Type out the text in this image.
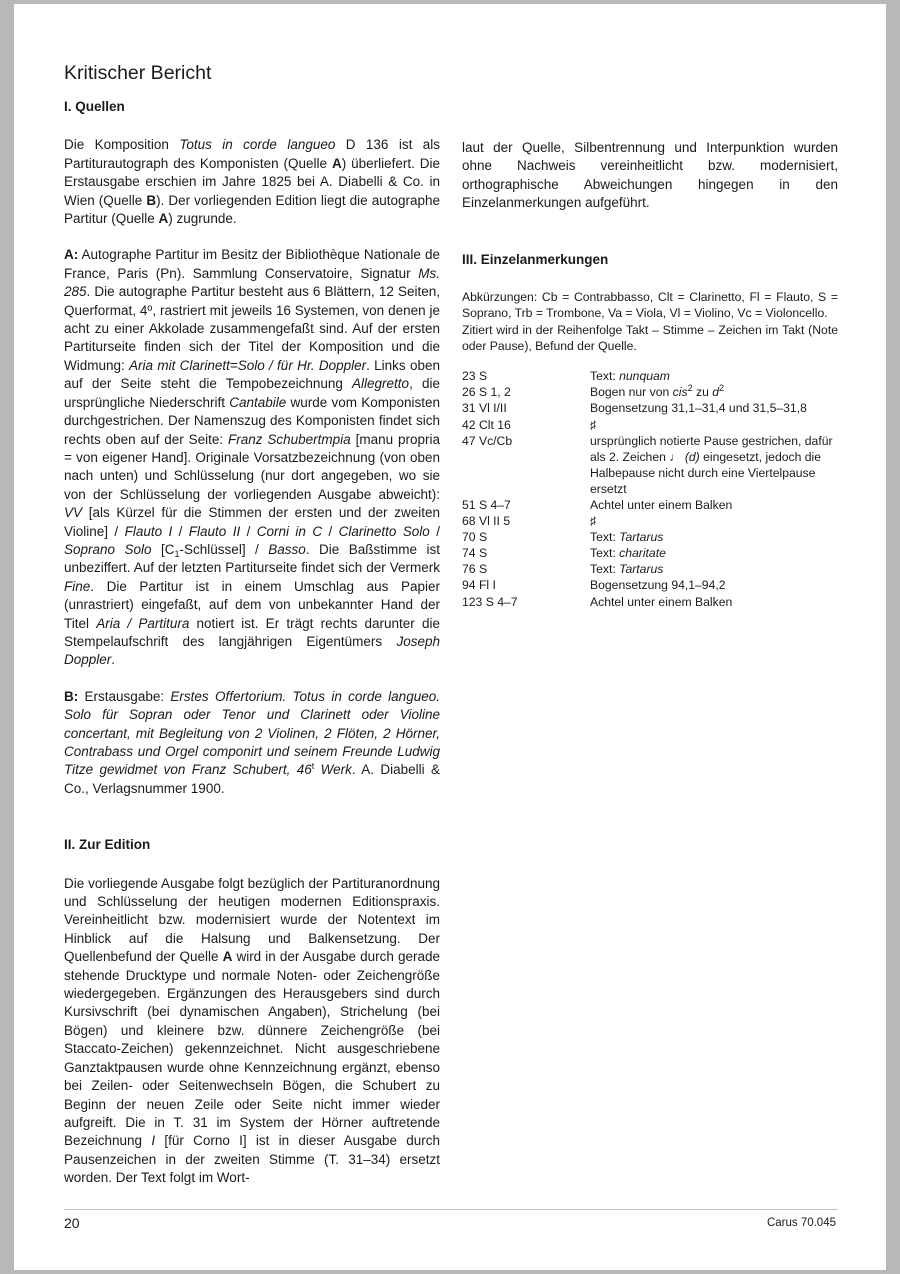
Kritischer Bericht
I. Quellen

Die Komposition Totus in corde langueo D 136 ist als Partiturautograph des Komponisten (Quelle A) überliefert. Die Erstausgabe erschien im Jahre 1825 bei A. Diabelli & Co. in Wien (Quelle B). Der vorliegenden Edition liegt die autographe Partitur (Quelle A) zugrunde.

A: Autographe Partitur im Besitz der Bibliothèque Nationale de France, Paris (Pn). Sammlung Conservatoire, Signatur Ms. 285. Die autographe Partitur besteht aus 6 Blättern, 12 Seiten, Querformat, 4º, rastriert mit jeweils 16 Systemen, von denen je acht zu einer Akkolade zusammengefaßt sind. Auf der ersten Partiturseite finden sich der Titel der Komposition und die Widmung: Aria mit Clarinett=Solo / für Hr. Doppler. Links oben auf der Seite steht die Tempobezeichnung Allegretto, die ursprüngliche Niederschrift Cantabile wurde vom Komponisten durchgestrichen. Der Namenszug des Komponisten findet sich rechts oben auf der Seite: Franz Schubertmpia [manu propria = von eigener Hand]. Originale Vorsatzbezeichnung (von oben nach unten) und Schlüsselung (nur dort angegeben, wo sie von der Schlüsselung der vorliegenden Ausgabe abweicht): VV [als Kürzel für die Stimmen der ersten und der zweiten Violine] / Flauto I / Flauto II / Corni in C / Clarinetto Solo / Soprano Solo $[C_1-Schlüssel]$ / Basso. Die Baßstimme ist unbeziffert. Auf der letzten Partiturseite findet sich der Vermerk Fine. Die Partitur ist in einem Umschlag aus Papier (unrastriert) eingefaßt, auf dem von unbekannter Hand der Titel Aria / Partitura notiert ist. Er trägt rechts darunter die Stempelaufschrift des langjährigen Eigentümers Joseph Doppler.

B: Erstausgabe: Erstes Offertorium. Totus in corde langueo. Solo für Sopran oder Tenor und Clarinett oder Violine concertant, mit Begleitung von 2 Violinen, 2 Flöten, 2 Hörner, Contrabass und Orgel componirt und seinem Freunde Ludwig Titze gewidmet von Franz Schubert, 46$^t$ Werk. A. Diabelli & Co., Verlagsnummer 1900.

II. Zur Edition

Die vorliegende Ausgabe folgt bezüglich der Partituranordnung und Schlüsselung der heutigen modernen Editionspraxis. Vereinheitlicht bzw. modernisiert wurde der Notentext im Hinblick auf die Halsung und Balkensetzung. Der Quellenbefund der Quelle A wird in der Ausgabe durch gerade stehende Drucktype und normale Noten- oder Zeichengröße wiedergegeben. Ergänzungen des Herausgebers sind durch Kursivschrift (bei dynamischen Angaben), Strichelung (bei Bögen) und kleinere bzw. dünnere Zeichengröße (bei Staccato-Zeichen) gekennzeichnet. Nicht ausgeschriebene Ganztaktpausen wurde ohne Kennzeichnung ergänzt, ebenso bei Zeilen- oder Seitenwechseln Bögen, die Schubert zu Beginn der neuen Zeile oder Seite nicht immer wieder aufgreift. Die in T. 31 im System der Hörner auftretende Bezeichnung I [für Corno I] ist in dieser Ausgabe durch Pausenzeichen in der zweiten Stimme (T. 31–34) ersetzt worden. Der Text folgt im Wort-

laut der Quelle, Silbentrennung und Interpunktion wurden ohne Nachweis vereinheitlicht bzw. modernisiert, orthographische Abweichungen hingegen in den Einzelanmerkungen aufgeführt.

III. Einzelanmerkungen

Abkürzungen: Cb = Contrabbasso, Clt = Clarinetto, Fl = Flauto, S = Soprano, Trb = Trombone, Va = Viola, Vl = Violino, Vc = Violoncello.

Zitiert wird in der Reihenfolge Takt – Stimme – Zeichen im Takt (Note oder Pause), Befund der Quelle.

23 S	Text: nunquam
26 S 1, 2	Bogen nur von cis$^2$ zu $d^2$
31 Vl I/II	Bogensetzung 31,1–31,4 und 31,5–31,8
42 Clt 16	♯
47 Vc/Cb	ursprünglich notierte Pause gestrichen, dafür als 2. Zeichen ♩ (d) eingesetzt, jedoch die Halbepause nicht durch eine Viertelpause ersetzt
51 S 4–7	Achtel unter einem Balken
68 Vl II 5	♯
70 S	Text: Tartarus
74 S	Text: charitate
76 S	Text: Tartarus
94 Fl I	Bogensetzung 94,1–94,2
123 S 4–7	Achtel unter einem Balken
20	Carus 70.045
